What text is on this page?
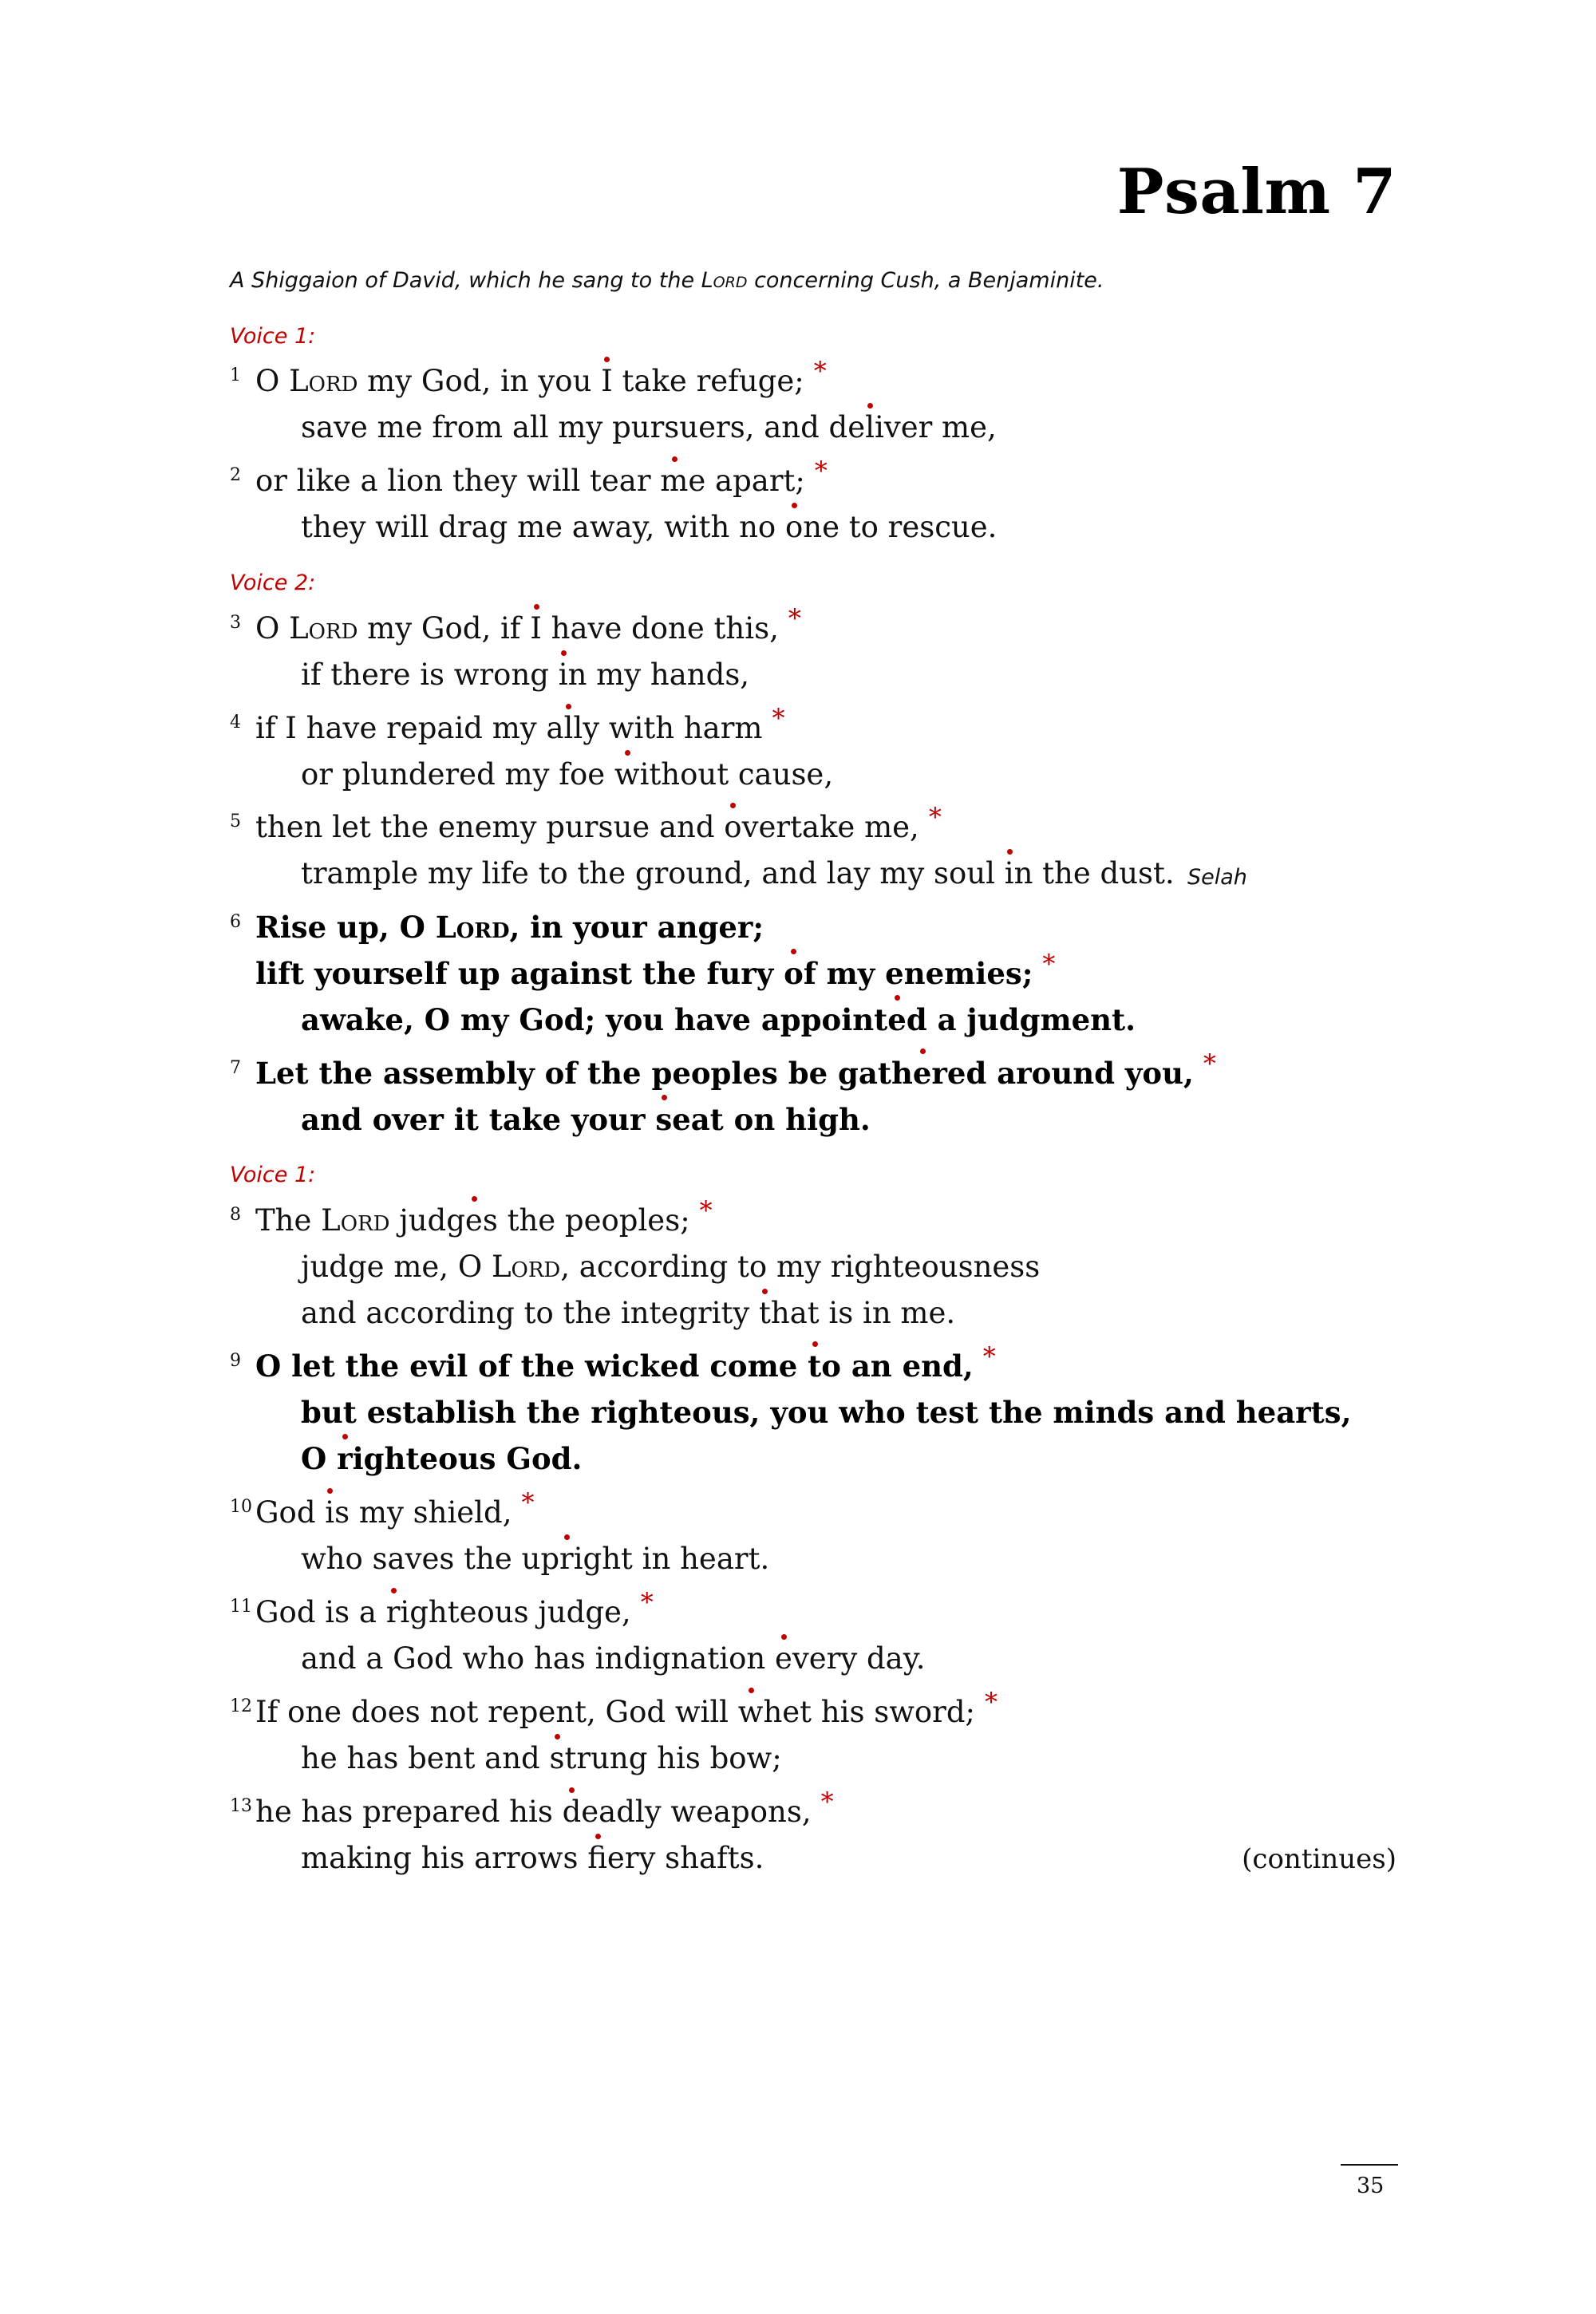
Psalm 7
A Shiggaion of David, which he sang to the Lord concerning Cush, a Benjaminite.
Voice 1:
1 O Lord my God, in you I take refuge; *
save me from all my pursuers, and deliver me,
2 or like a lion they will tear me apart; *
they will drag me away, with no one to rescue.
Voice 2:
3 O Lord my God, if I have done this, *
if there is wrong in my hands,
4 if I have repaid my ally with harm *
or plundered my foe without cause,
5 then let the enemy pursue and overtake me, *
trample my life to the ground, and lay my soul in the dust. Selah
6 Rise up, O Lord, in your anger;
lift yourself up against the fury of my enemies; *
awake, O my God; you have appointed a judgment.
7 Let the assembly of the peoples be gathered around you, *
and over it take your seat on high.
Voice 1:
8 The Lord judges the peoples; *
judge me, O Lord, according to my righteousness
and according to the integrity that is in me.
9 O let the evil of the wicked come to an end, *
but establish the righteous, you who test the minds and hearts,
O righteous God.
10 God is my shield, *
who saves the upright in heart.
11 God is a righteous judge, *
and a God who has indignation every day.
12 If one does not repent, God will whet his sword; *
he has bent and strung his bow;
13 he has prepared his deadly weapons, *
making his arrows fiery shafts.	(continues)
35
